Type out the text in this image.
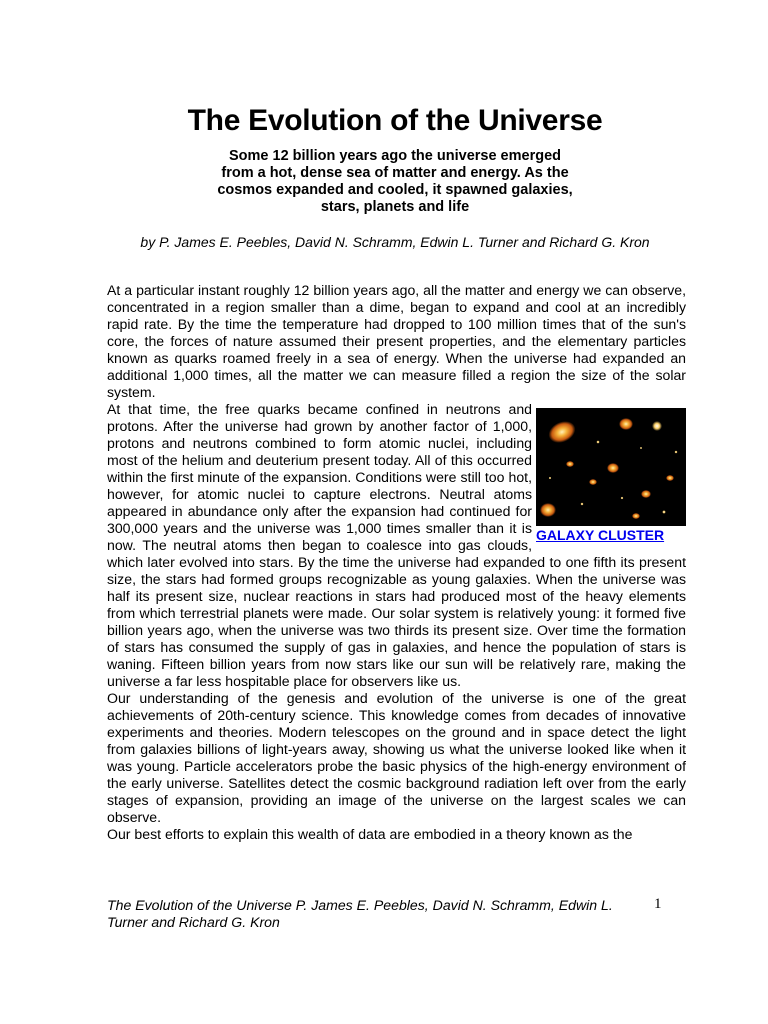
The Evolution of the Universe
Some 12 billion years ago the universe emerged
from a hot, dense sea of matter and energy. As the
cosmos expanded and cooled, it spawned galaxies,
stars, planets and life

by P. James E. Peebles, David N. Schramm, Edwin L. Turner and Richard G. Kron

At a particular instant roughly 12 billion years ago, all the matter and energy we can observe, concentrated in a region smaller than a dime, began to expand and cool at an incredibly rapid rate. By the time the temperature had dropped to 100 million times that of the sun's core, the forces of nature assumed their present properties, and the elementary particles known as quarks roamed freely in a sea of energy. When the universe had expanded an additional 1,000 times, all the matter we can measure filled a region the size of the solar system.

GALAXY CLUSTER

At that time, the free quarks became confined in neutrons and protons. After the universe had grown by another factor of 1,000, protons and neutrons combined to form atomic nuclei, including most of the helium and deuterium present today. All of this occurred within the first minute of the expansion. Conditions were still too hot, however, for atomic nuclei to capture electrons. Neutral atoms appeared in abundance only after the expansion had continued for 300,000 years and the universe was 1,000 times smaller than it is now. The neutral atoms then began to coalesce into gas clouds, which later evolved into stars. By the time the universe had expanded to one fifth its present size, the stars had formed groups recognizable as young galaxies. When the universe was half its present size, nuclear reactions in stars had produced most of the heavy elements from which terrestrial planets were made. Our solar system is relatively young: it formed five billion years ago, when the universe was two thirds its present size. Over time the formation of stars has consumed the supply of gas in galaxies, and hence the population of stars is waning. Fifteen billion years from now stars like our sun will be relatively rare, making the universe a far less hospitable place for observers like us.

Our understanding of the genesis and evolution of the universe is one of the great achievements of 20th-century science. This knowledge comes from decades of innovative experiments and theories. Modern telescopes on the ground and in space detect the light from galaxies billions of light-years away, showing us what the universe looked like when it was young. Particle accelerators probe the basic physics of the high-energy environment of the early universe. Satellites detect the cosmic background radiation left over from the early stages of expansion, providing an image of the universe on the largest scales we can observe.

Our best efforts to explain this wealth of data are embodied in a theory known as the

The Evolution of the Universe P. James E. Peebles, David N. Schramm, Edwin L. Turner and Richard G. Kron
1
